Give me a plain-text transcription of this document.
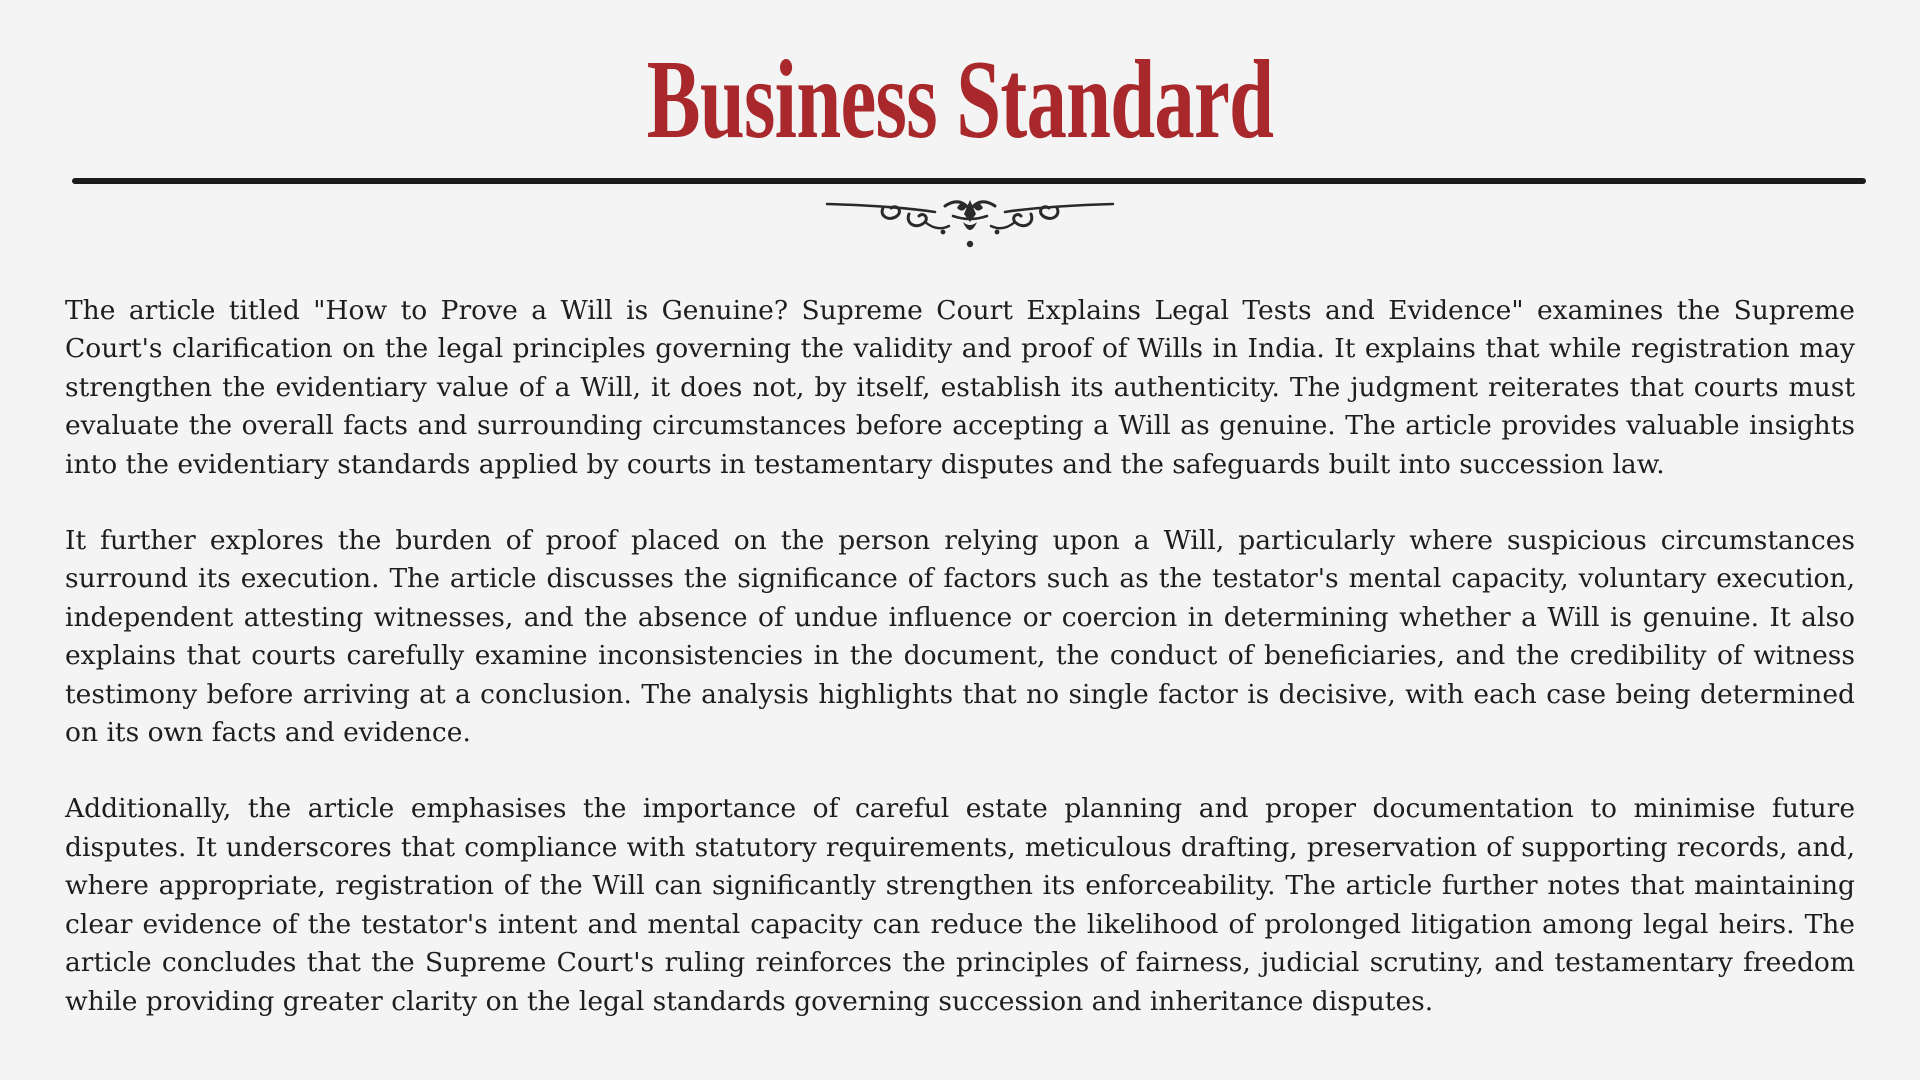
Business Standard

The article titled "How to Prove a Will is Genuine? Supreme Court Explains Legal Tests and Evidence" examines the Supreme Court's clarification on the legal principles governing the validity and proof of Wills in India. It explains that while registration may strengthen the evidentiary value of a Will, it does not, by itself, establish its authenticity. The judgment reiterates that courts must evaluate the overall facts and surrounding circumstances before accepting a Will as genuine. The article provides valuable insights into the evidentiary standards applied by courts in testamentary disputes and the safeguards built into succession law.

It further explores the burden of proof placed on the person relying upon a Will, particularly where suspicious circumstances surround its execution. The article discusses the significance of factors such as the testator's mental capacity, voluntary execution, independent attesting witnesses, and the absence of undue influence or coercion in determining whether a Will is genuine. It also explains that courts carefully examine inconsistencies in the document, the conduct of beneficiaries, and the credibility of witness testimony before arriving at a conclusion. The analysis highlights that no single factor is decisive, with each case being determined on its own facts and evidence.

Additionally, the article emphasises the importance of careful estate planning and proper documentation to minimise future disputes. It underscores that compliance with statutory requirements, meticulous drafting, preservation of supporting records, and, where appropriate, registration of the Will can significantly strengthen its enforceability. The article further notes that maintaining clear evidence of the testator's intent and mental capacity can reduce the likelihood of prolonged litigation among legal heirs. The article concludes that the Supreme Court's ruling reinforces the principles of fairness, judicial scrutiny, and testamentary freedom while providing greater clarity on the legal standards governing succession and inheritance disputes.
